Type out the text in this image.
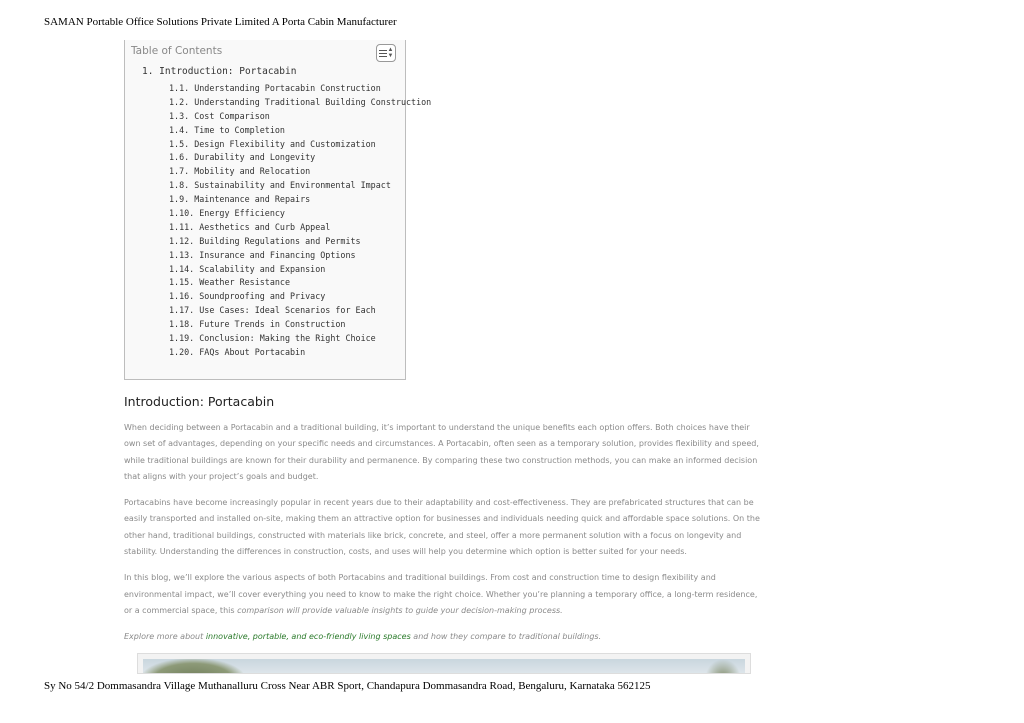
SAMAN Portable Office Solutions Private Limited A Porta Cabin Manufacturer
Table of Contents	▲
▼
1. Introduction: Portacabin
1.1. Understanding Portacabin Construction
1.2. Understanding Traditional Building Construction
1.3. Cost Comparison
1.4. Time to Completion
1.5. Design Flexibility and Customization
1.6. Durability and Longevity
1.7. Mobility and Relocation
1.8. Sustainability and Environmental Impact
1.9. Maintenance and Repairs
1.10. Energy Efficiency
1.11. Aesthetics and Curb Appeal
1.12. Building Regulations and Permits
1.13. Insurance and Financing Options
1.14. Scalability and Expansion
1.15. Weather Resistance
1.16. Soundproofing and Privacy
1.17. Use Cases: Ideal Scenarios for Each
1.18. Future Trends in Construction
1.19. Conclusion: Making the Right Choice
1.20. FAQs About Portacabin
Introduction: Portacabin

When deciding between a Portacabin and a traditional building, it’s important to understand the unique benefits each option offers. Both choices have their own set of advantages, depending on your specific needs and circumstances. A Portacabin, often seen as a temporary solution, provides flexibility and speed, while traditional buildings are known for their durability and permanence. By comparing these two construction methods, you can make an informed decision that aligns with your project’s goals and budget.

Portacabins have become increasingly popular in recent years due to their adaptability and cost-effectiveness. They are prefabricated structures that can be easily transported and installed on-site, making them an attractive option for businesses and individuals needing quick and affordable space solutions. On the other hand, traditional buildings, constructed with materials like brick, concrete, and steel, offer a more permanent solution with a focus on longevity and stability. Understanding the differences in construction, costs, and uses will help you determine which option is better suited for your needs.

In this blog, we’ll explore the various aspects of both Portacabins and traditional buildings. From cost and construction time to design flexibility and environmental impact, we’ll cover everything you need to know to make the right choice. Whether you’re planning a temporary office, a long-term residence, or a commercial space, this comparison will provide valuable insights to guide your decision-making process.

Explore more about innovative, portable, and eco-friendly living spaces and how they compare to traditional buildings.

Sy No 54/2 Dommasandra Village Muthanalluru Cross Near ABR Sport, Chandapura Dommasandra Road, Bengaluru, Karnataka 562125
